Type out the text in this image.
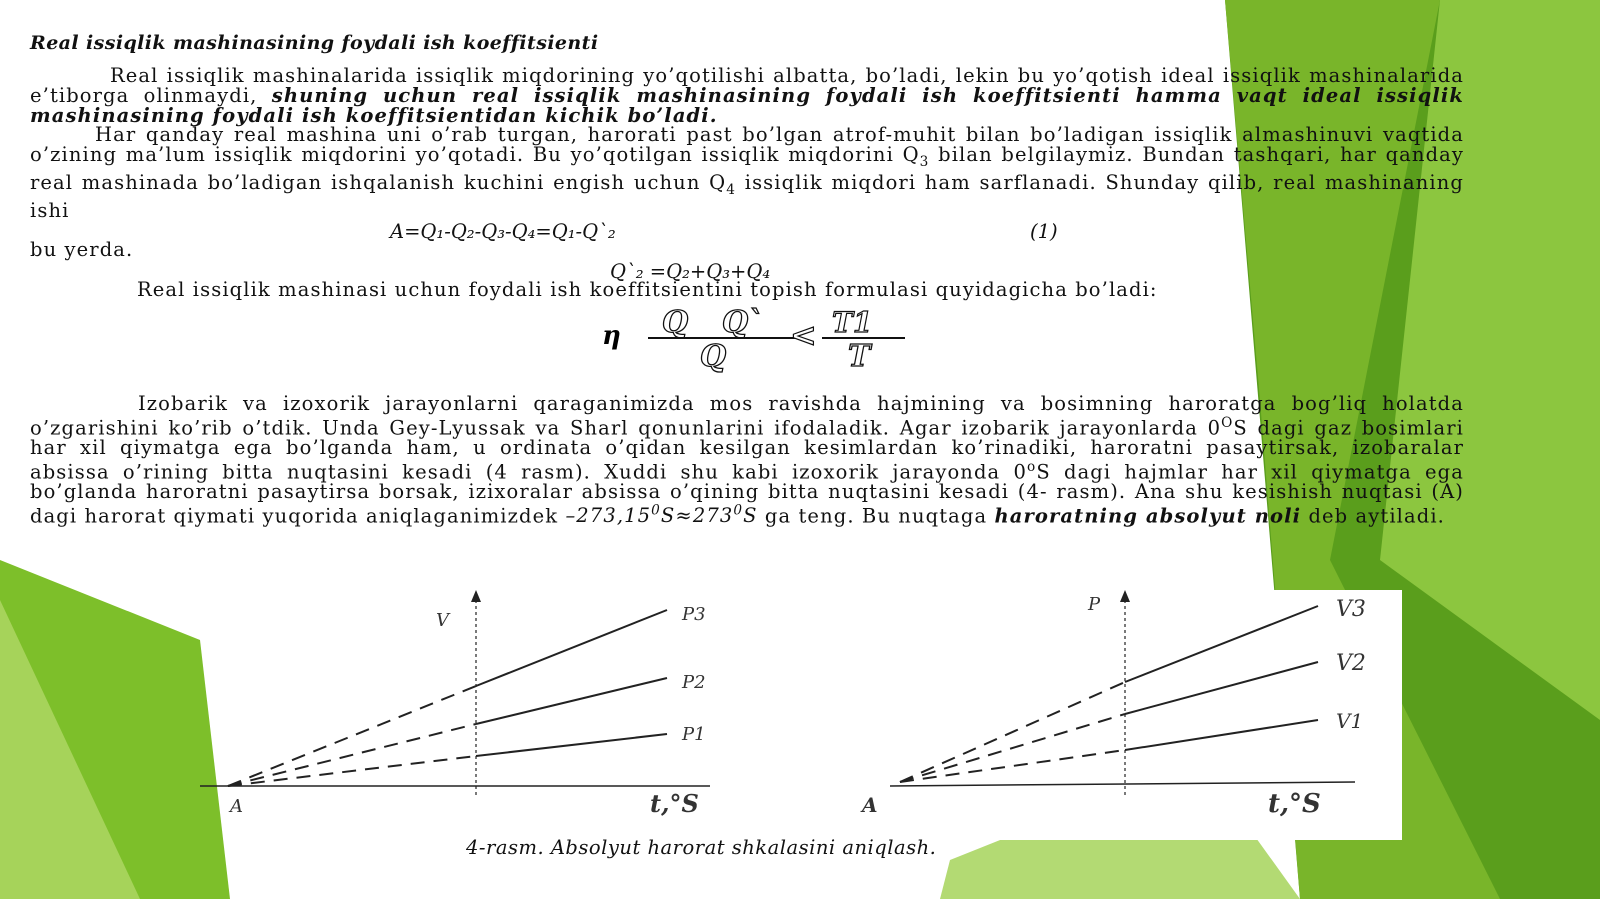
Real issiqlik mashinasining foydali ish koeffitsienti

Real issiqlik mashinalarida issiqlik miqdorining yo’qotilishi albatta, bo’ladi, lekin bu yo’qotish ideal issiqlik mashinalarida e’tiborga olinmaydi, shuning uchun real issiqlik mashinasining foydali ish koeffitsienti hamma vaqt ideal issiqlik mashinasining foydali ish koeffitsientidan kichik bo’ladi.

Har qanday real mashina uni o’rab turgan, harorati past bo’lgan atrof-muhit bilan bo’ladigan issiqlik almashinuvi vaqtida o’zining ma’lum issiqlik miqdorini yo’qotadi. Bu yo’qotilgan issiqlik miqdorini $Q_3$ bilan belgilaymiz. Bundan tashqari, har qanday real mashinada bo’ladigan ishqalanish kuchini engish uchun $Q_4$ issiqlik miqdori ham sarflanadi. Shunday qilib, real mashinaning ishi

A=Q₁-Q₂-Q₃-Q₄=Q₁-Q`₂	(1)

bu yerda.

Q`₂ =Q₂+Q₃+Q₄

Real issiqlik mashinasi uchun foydali ish koeffitsientini topish formulasi quyidagicha bo’ladi:

η Q Q` <
Q
T1
T

Izobarik va izoxorik jarayonlarni qaraganimizda mos ravishda hajmining va bosimning haroratga bog’liq holatda o’zgarishini ko’rib o’tdik. Unda Gey-Lyussak va Sharl qonunlarini ifodaladik. Agar izobarik jarayonlarda $0^OS$ dagi gaz bosimlari har xil qiymatga ega bo’lganda ham, u ordinata o’qidan kesilgan kesimlardan ko’rinadiki, haroratni pasaytirsak, izobaralar absissa o’rining bitta nuqtasini kesadi (4 rasm). Xuddi shu kabi izoxorik jarayonda 0$^o$S dagi hajmlar har xil qiymatga ega bo’glanda haroratni pasaytirsa borsak, izixoralar absissa o’qining bitta nuqtasini kesadi (4- rasm). Ana shu kesishish nuqtasi (A) dagi harorat qiymati yuqorida aniqlaganimizdek $-273,15^0S\approx 273^0S$ ga teng. Bu nuqtaga haroratning absolyut noli deb aytiladi.

V	P3
P2
P1
A	t,°S
P	V3
V2
V1
A	t,°S
4-rasm. Absolyut harorat shkalasini aniqlash.
